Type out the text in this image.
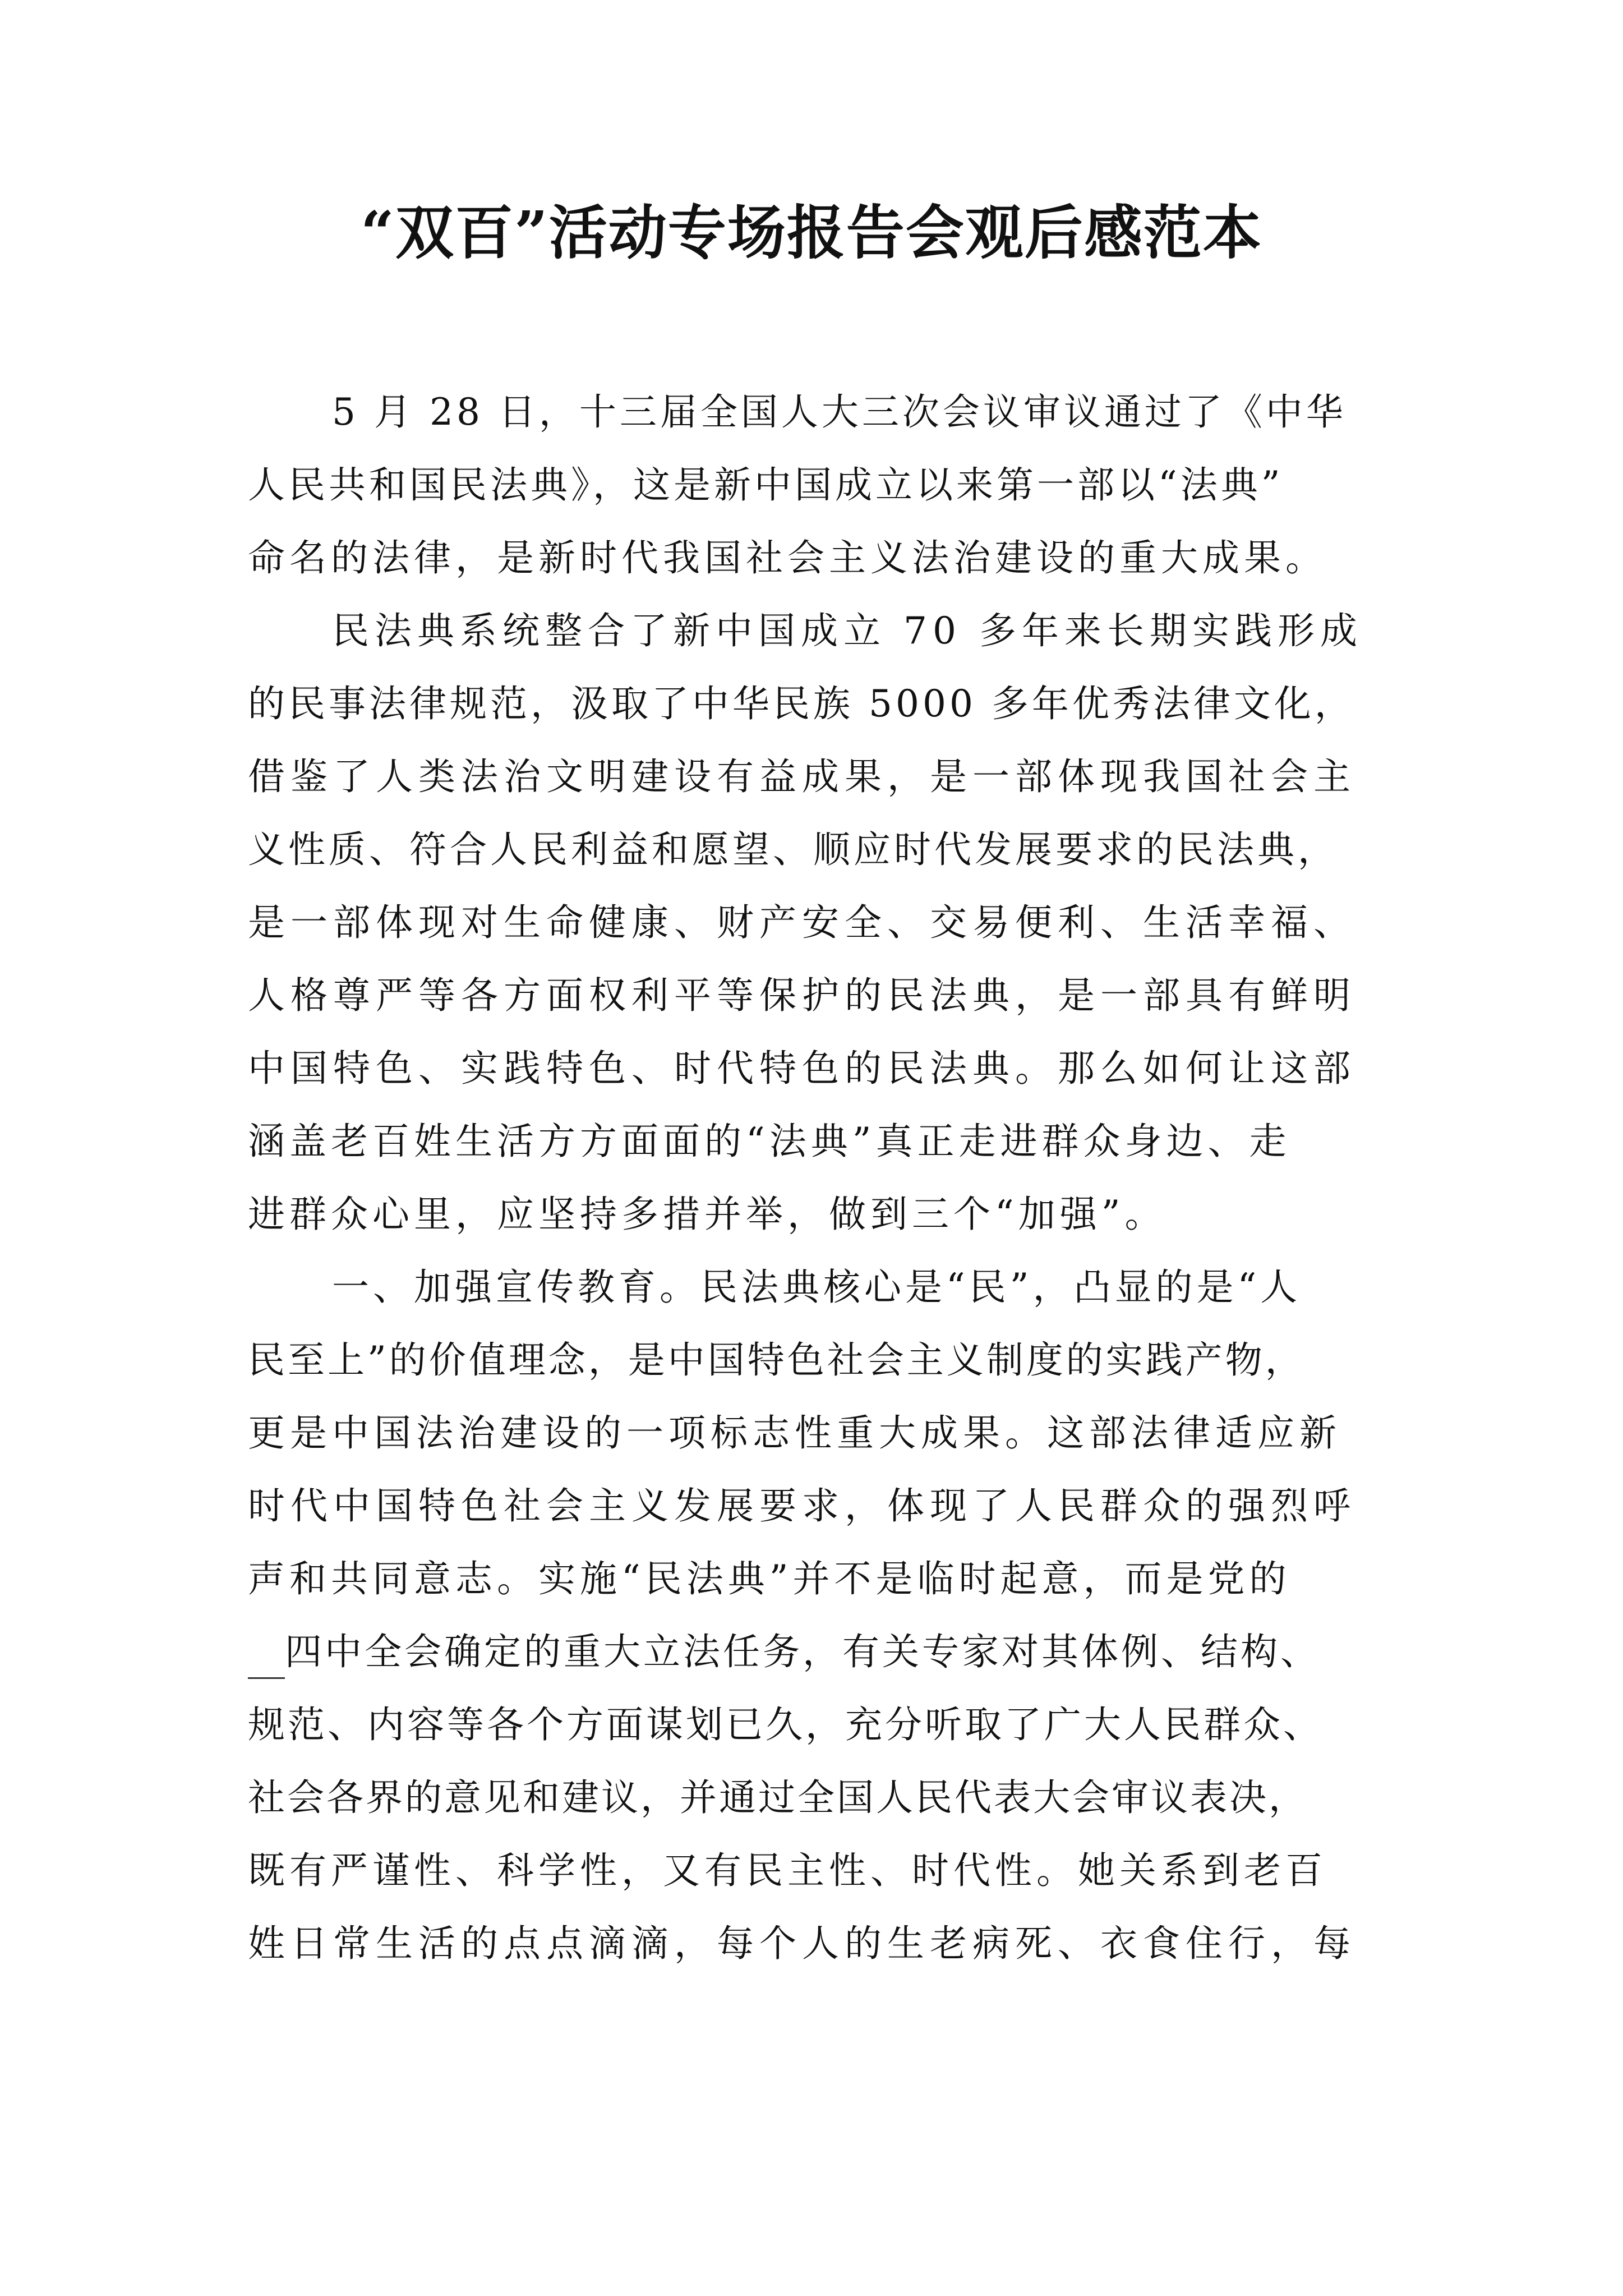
“双百”活动专场报告会观后感范本
5 月 28 日，十三届全国人大三次会议审议通过了《中华
人民共和国民法典》，这是新中国成立以来第一部以“法典”
命名的法律，是新时代我国社会主义法治建设的重大成果。
民法典系统整合了新中国成立 70 多年来长期实践形成
的民事法律规范，汲取了中华民族 5000 多年优秀法律文化，
借鉴了人类法治文明建设有益成果，是一部体现我国社会主
义性质、符合人民利益和愿望、顺应时代发展要求的民法典，
是一部体现对生命健康、财产安全、交易便利、生活幸福、
人格尊严等各方面权利平等保护的民法典，是一部具有鲜明
中国特色、实践特色、时代特色的民法典。那么如何让这部
涵盖老百姓生活方方面面的“法典”真正走进群众身边、走
进群众心里，应坚持多措并举，做到三个“加强”。
一、加强宣传教育。民法典核心是“民”，凸显的是“人
民至上”的价值理念，是中国特色社会主义制度的实践产物，
更是中国法治建设的一项标志性重大成果。这部法律适应新
时代中国特色社会主义发展要求，体现了人民群众的强烈呼
声和共同意志。实施“民法典”并不是临时起意，而是党的
四中全会确定的重大立法任务，有关专家对其体例、结构、
规范、内容等各个方面谋划已久，充分听取了广大人民群众、
社会各界的意见和建议，并通过全国人民代表大会审议表决，
既有严谨性、科学性，又有民主性、时代性。她关系到老百
姓日常生活的点点滴滴，每个人的生老病死、衣食住行，每
